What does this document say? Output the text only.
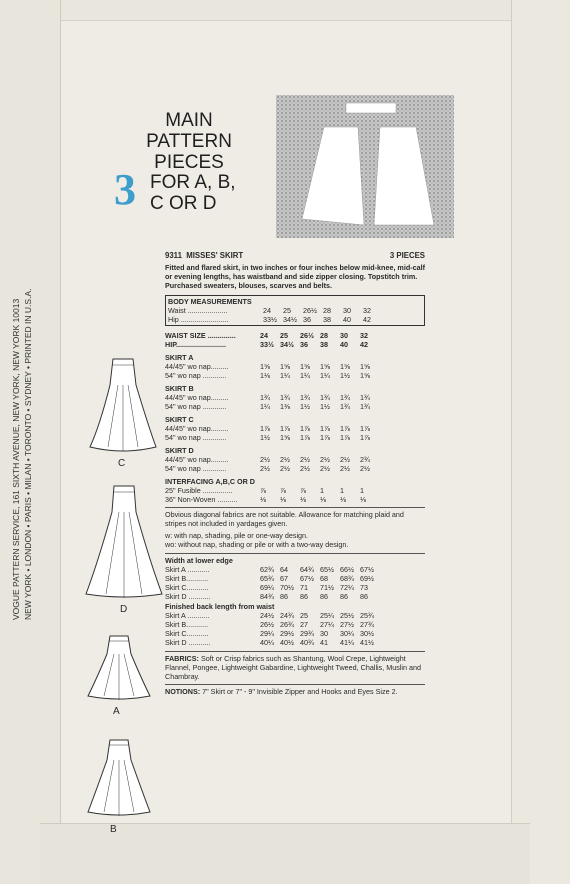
VOGUE PATTERN SERVICE, 161 SIXTH AVENUE, NEW YORK, NEW YORK 10013 NEW YORK • LONDON • PARIS • MILAN • TORONTO • SYDNEY • PRINTED IN U.S.A.
MAIN
PATTERN
PIECES
3 FOR A, B,
C OR D
9311 MISSES' SKIRT	3 PIECES
Fitted and flared skirt, in two inches or four inches below mid-knee, mid-calf or evening lengths, has waistband and side zipper closing. Topstitch trim. Purchased sweaters, blouses, scarves and belts.
BODY MEASUREMENTS
Waist ....................	24	25	26½ 28	30	32
Hip ........................	33½ 34½ 36	38	40	42
WAIST SIZE ..............	24	25	26½ 28	30	32
HIP.........................	33½ 34½ 36	38	40	42
SKIRT A
44/45" wo nap.........	1⅝	1⅝	1⅝	1⅝	1⅝	1⅝
54" wo nap ............	1⅛	1¼	1¼	1¼	1½	1⅝
SKIRT B
44/45" wo nap.........	1¾	1¾	1¾	1¾	1¾	1¾
54" wo nap ............	1¼	1⅜	1½	1½	1¾	1¾
SKIRT C
44/45" wo nap.........	1⅞	1⅞	1⅞	1⅞	1⅞	1⅞
54" wo nap ............	1½	1⅝	1⅞	1⅞	1⅞	1⅞
SKIRT D
44/45" wo nap.........	2½	2½	2½	2½	2½	2¾
54" wo nap ............	2½	2½	2½	2½	2½	2½
INTERFACING A,B,C OR D
25" Fusible ...............	⅞	⅞	⅞	1	1	1
36" Non-Woven ..........	⅛	⅛	⅛	⅛	⅛	⅛
Obvious diagonal fabrics are not suitable. Allowance for matching plaid and stripes not included in yardages given.
w: with nap, shading, pile or one-way design.
wo: without nap, shading or pile or with a two-way design.
Width at lower edge
Skirt A ...........	62¾ 64	64¾ 65½ 66½ 67½
Skirt B...........	65¾ 67	67½ 68	68¾ 69½
Skirt C...........	69¼ 70½ 71	71½ 72¼ 73
Skirt D ...........	84¾ 86	86	86	86	86
Finished back length from waist
Skirt A ...........	24½ 24¾ 25	25¼ 25½ 25¾
Skirt B...........	26½ 26¾ 27	27¼ 27½ 27¾
Skirt C...........	29¼ 29½ 29¾ 30	30¼ 30½
Skirt D ...........	40¼ 40½ 40¾ 41	41¼ 41½
FABRICS: Soft or Crisp fabrics such as Shantung, Wool Crepe, Lightweight Flannel, Pongee, Lightweight Gabardine, Lightweight Tweed, Challis, Muslin and Chambray.
NOTIONS: 7" Skirt or 7" - 9" Invisible Zipper and Hooks and Eyes Size 2.
C
D
A
B
